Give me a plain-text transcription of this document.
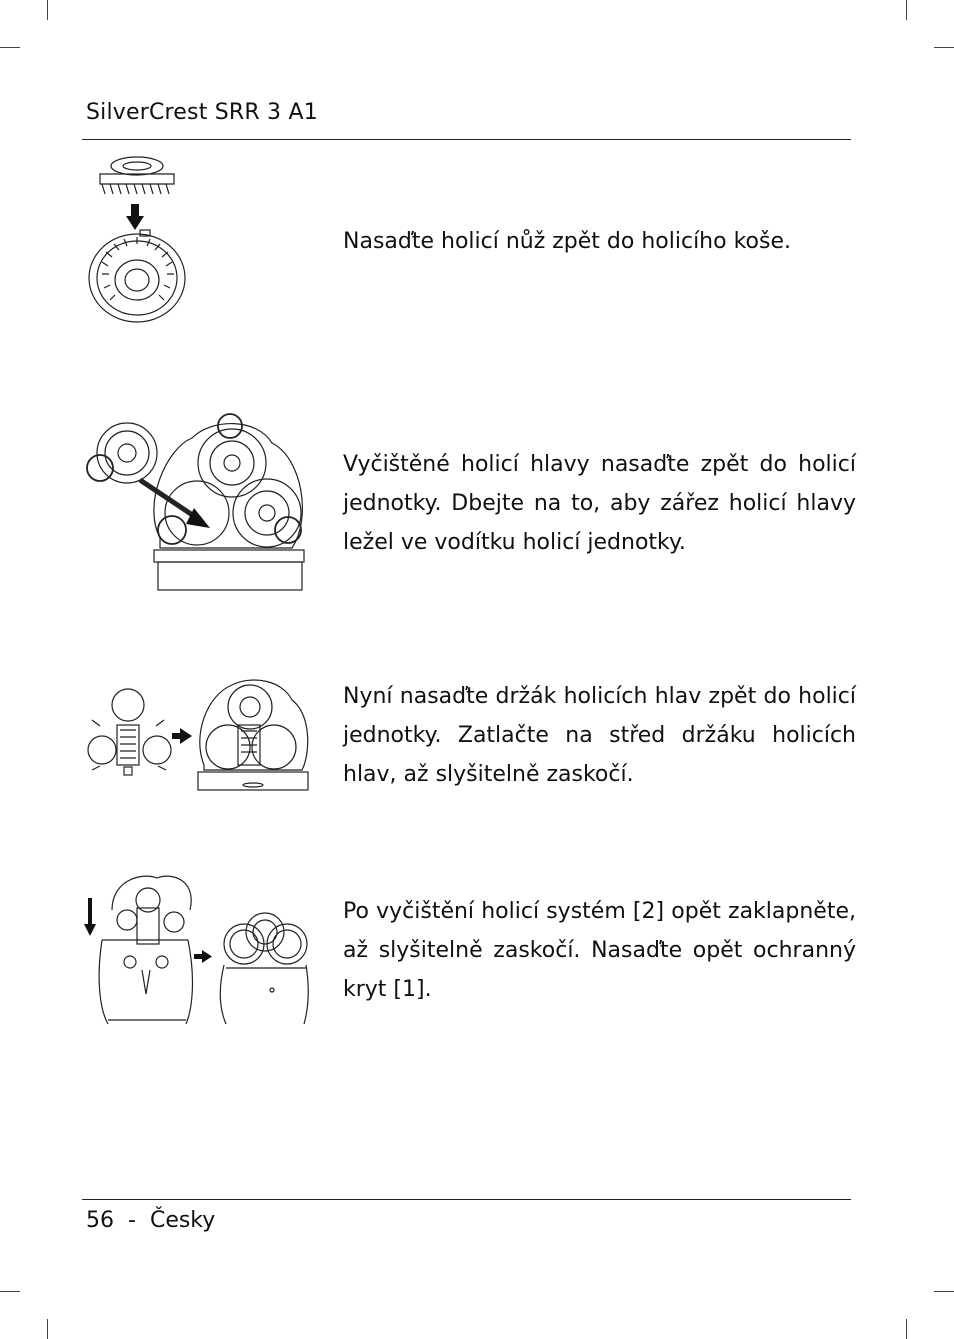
SilverCrest SRR 3 A1
Nasaďte holicí nůž zpět do holicího koše.
Vyčištěné holicí hlavy nasaďte zpět do holicí jednotky. Dbejte na to, aby zářez holicí hlavy ležel ve vodítku holicí jednotky.
Nyní nasaďte držák holicích hlav zpět do holicí jednotky. Zatlačte na střed držáku holicích hlav, až slyšitelně zaskočí.
Po vyčištění holicí systém [2] opět zaklapněte, až slyšitelně zaskočí. Nasaďte opět ochranný kryt [1].
56 - Česky
